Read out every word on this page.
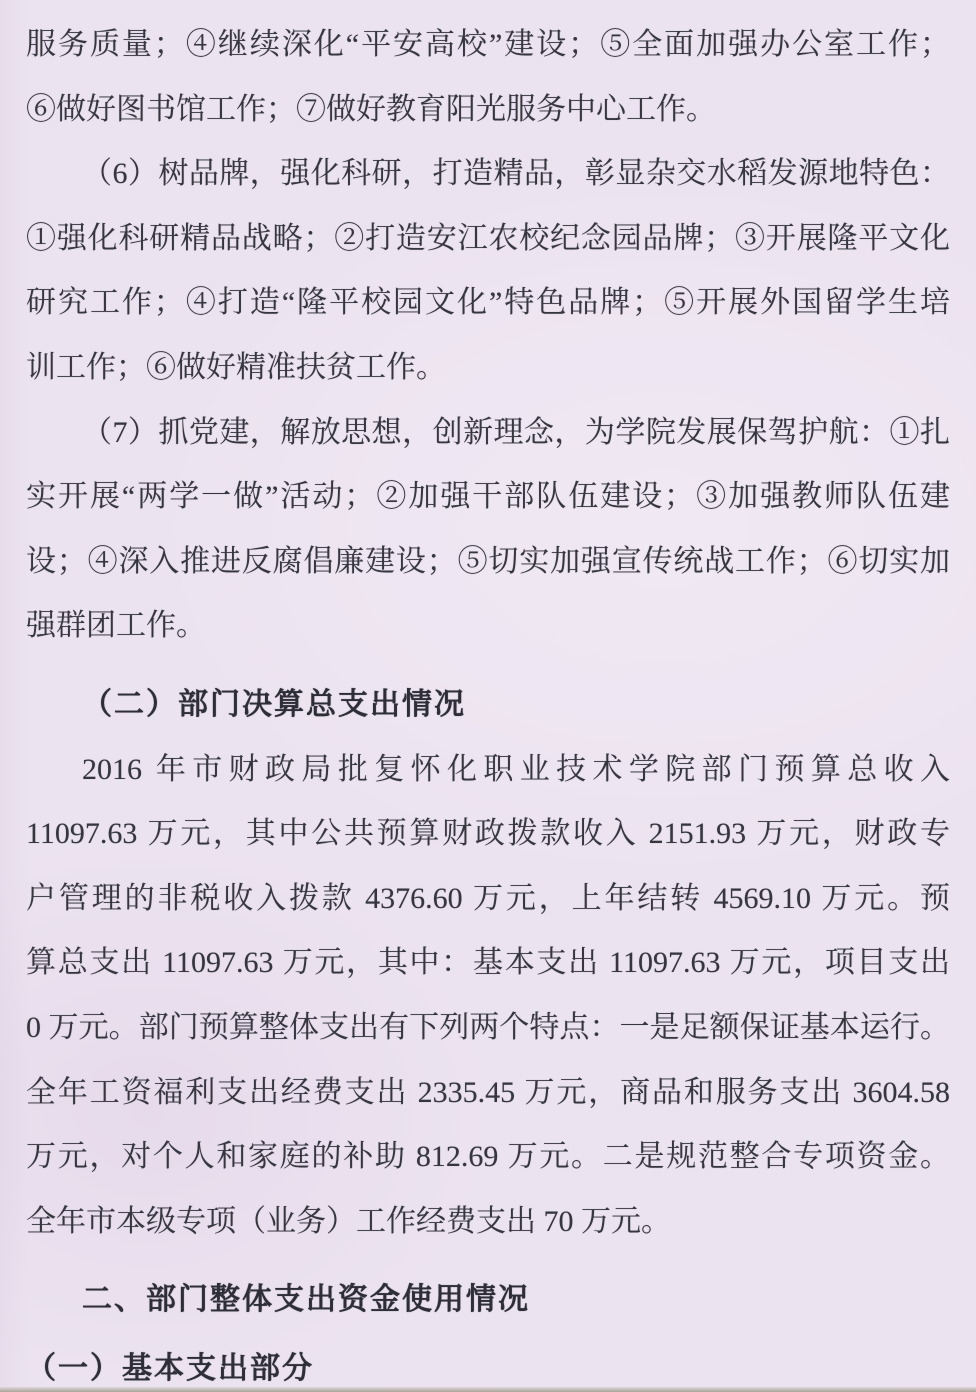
服务质量；④继续深化“平安高校”建设；⑤全面加强办公室工作；
⑥做好图书馆工作；⑦做好教育阳光服务中心工作。
（6）树品牌，强化科研，打造精品，彰显杂交水稻发源地特色：
①强化科研精品战略；②打造安江农校纪念园品牌；③开展隆平文化
研究工作；④打造“隆平校园文化”特色品牌；⑤开展外国留学生培
训工作；⑥做好精准扶贫工作。
（7）抓党建，解放思想，创新理念，为学院发展保驾护航：①扎
实开展“两学一做”活动；②加强干部队伍建设；③加强教师队伍建
设；④深入推进反腐倡廉建设；⑤切实加强宣传统战工作；⑥切实加
强群团工作。
（二）部门决算总支出情况
2016 年市财政局批复怀化职业技术学院部门预算总收入
11097.63 万元，其中公共预算财政拨款收入 2151.93 万元，财政专
户管理的非税收入拨款 4376.60 万元，上年结转 4569.10 万元。预
算总支出 11097.63 万元，其中：基本支出 11097.63 万元，项目支出
0 万元。部门预算整体支出有下列两个特点：一是足额保证基本运行。
全年工资福利支出经费支出 2335.45 万元，商品和服务支出 3604.58
万元，对个人和家庭的补助 812.69 万元。二是规范整合专项资金。
全年市本级专项（业务）工作经费支出 70 万元。
二、部门整体支出资金使用情况
（一）基本支出部分
